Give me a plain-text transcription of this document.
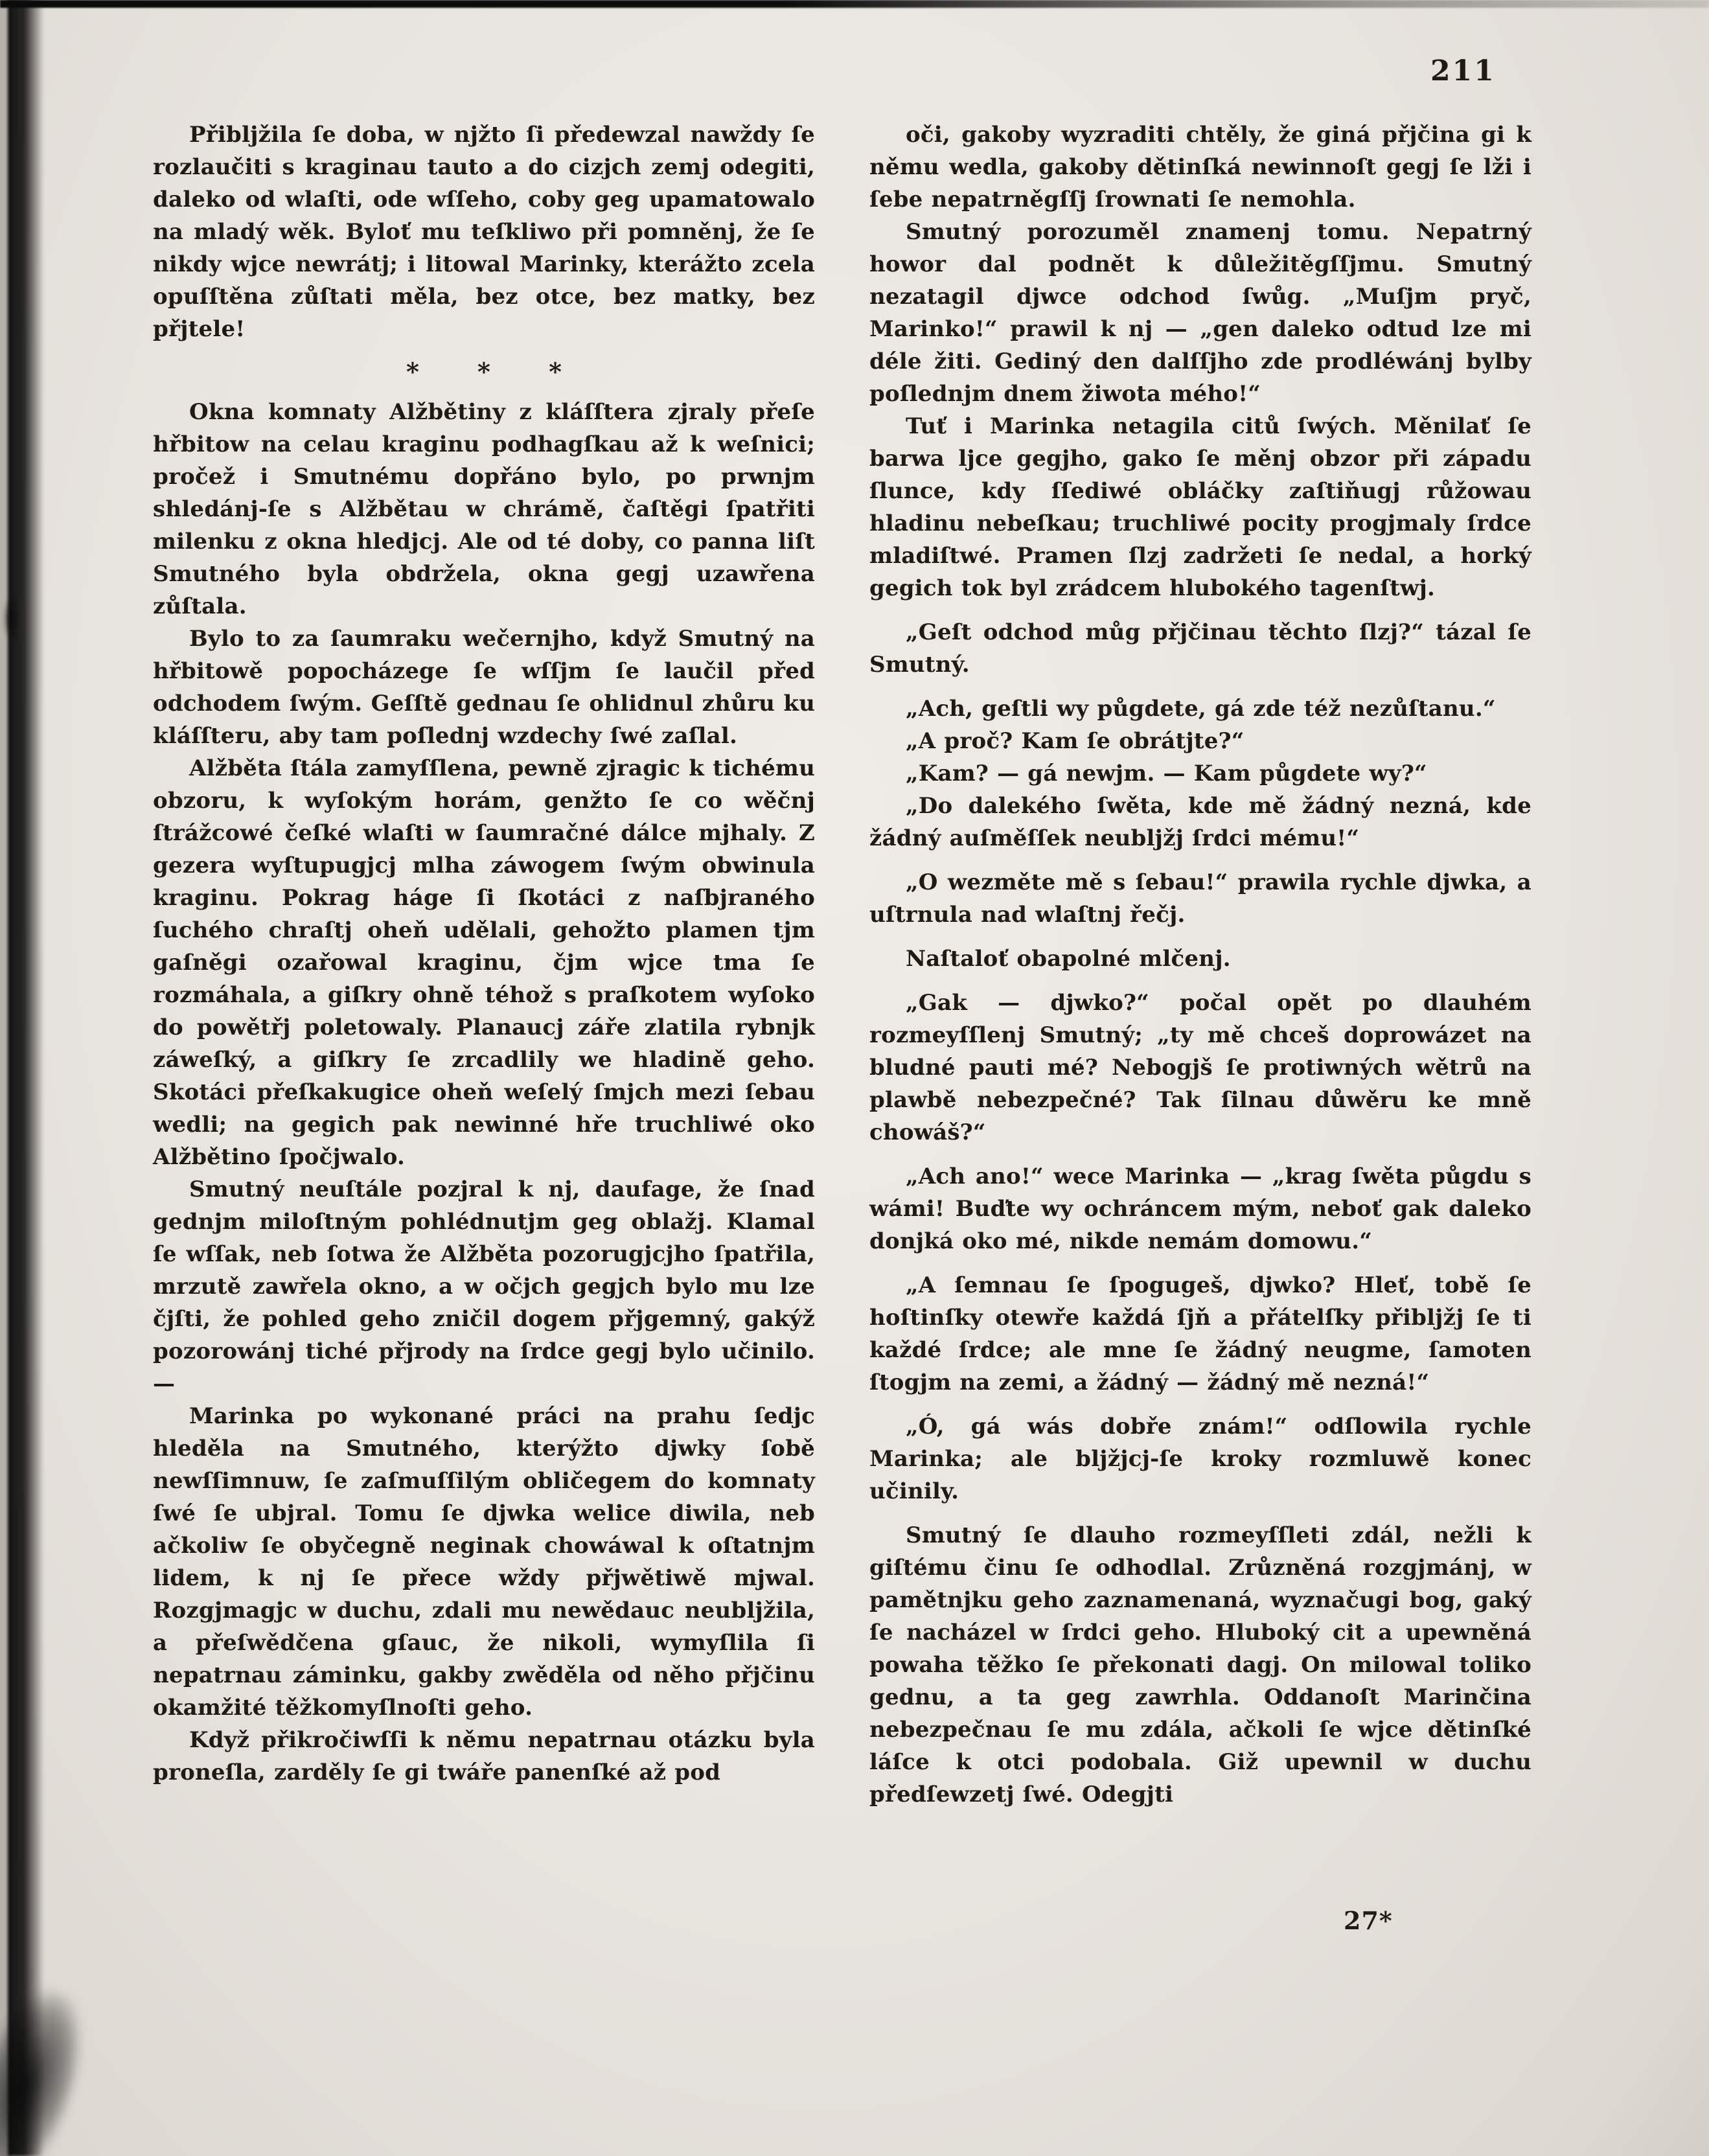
211

Přibljžila ſe doba, w njžto ſi předewzal nawždy ſe rozlaučiti s kraginau tauto a do cizjch zemj odegiti, daleko od wlaſti, ode wſſeho, coby geg upamatowalo na mladý wěk. Byloť mu teſkliwo při pomněnj, že ſe nikdy wjce newrátj; i litowal Marinky, kterážto zcela opuſſtěna zůſtati měla, bez otce, bez matky, bez přjtele!

* * *

Okna komnaty Alžbětiny z kláſſtera zjraly přeſe hřbitow na celau kraginu podhagſkau až k weſnici; pročež i Smutnému dopřáno bylo, po prwnjm shledánj-ſe s Alžbětau w chrámě, čaſtěgi ſpatřiti milenku z okna hledjcj. Ale od té doby, co panna liſt Smutného byla obdržela, okna gegj uzawřena zůſtala.

Bylo to za ſaumraku wečernjho, když Smutný na hřbitowě popocházege ſe wſſjm ſe laučil před odchodem ſwým. Geſſtě gednau ſe ohlidnul zhůru ku kláſſteru, aby tam poſlednj wzdechy ſwé zaſlal.

Alžběta ſtála zamyſſlena, pewně zjragic k tichému obzoru, k wyſokým horám, genžto ſe co wěčnj ſtrážcowé čeſké wlaſti w ſaumračné dálce mjhaly. Z gezera wyſtupugjcj mlha záwogem ſwým obwinula kraginu. Pokrag háge ſi ſkotáci z naſbjraného ſuchého chraſtj oheň udělali, gehožto plamen tjm gaſněgi ozařowal kraginu, čjm wjce tma ſe rozmáhala, a giſkry ohně téhož s praſkotem wyſoko do powětřj poletowaly. Planaucj záře zlatila rybnjk záweſký, a giſkry ſe zrcadlily we hladině geho. Skotáci přeſkakugice oheň weſelý ſmjch mezi ſebau wedli; na gegich pak newinné hře truchliwé oko Alžbětino ſpočjwalo.

Smutný neuſtále pozjral k nj, daufage, že ſnad gednjm miloſtným pohlédnutjm geg oblažj. Klamal ſe wſſak, neb ſotwa že Alžběta pozorugjcjho ſpatřila, mrzutě zawřela okno, a w očjch gegjch bylo mu lze čjſti, že pohled geho zničil dogem přjgemný, gakýž pozorowánj tiché přjrody na ſrdce gegj bylo učinilo. —

Marinka po wykonané práci na prahu ſedjc hleděla na Smutného, kterýžto djwky ſobě newſſimnuw, ſe zaſmuſſilým obličegem do komnaty ſwé ſe ubjral. Tomu ſe djwka welice diwila, neb ačkoliw ſe obyčegně neginak chowáwal k oſtatnjm lidem, k nj ſe přece wždy přjwětiwě mjwal. Rozgjmagjc w duchu, zdali mu newědauc neubljžila, a přeſwědčena gſauc, že nikoli, wymyſlila ſi nepatrnau záminku, gakby zwěděla od něho přjčinu okamžité těžkomyſlnoſti geho.

Když přikročiwſſi k němu nepatrnau otázku byla proneſla, zarděly ſe gi twáře panenſké až pod

oči, gakoby wyzraditi chtěly, že giná přjčina gi k němu wedla, gakoby dětinſká newinnoſt gegj ſe lži i ſebe nepatrněgſſj ſrownati ſe nemohla.

Smutný porozuměl znamenj tomu. Nepatrný howor dal podnět k důležitěgſſjmu. Smutný nezatagil djwce odchod ſwůg. „Muſjm pryč, Marinko!“ prawil k nj — „gen daleko odtud lze mi déle žiti. Gediný den dalſſjho zde prodléwánj bylby poſlednjm dnem žiwota mého!“

Tuť i Marinka netagila citů ſwých. Měnilať ſe barwa ljce gegjho, gako ſe měnj obzor při západu ſlunce, kdy ſſediwé obláčky zaſtiňugj růžowau hladinu nebeſkau; truchliwé pocity progjmaly ſrdce mladiſtwé. Pramen ſlzj zadržeti ſe nedal, a horký gegich tok byl zrádcem hlubokého tagenſtwj.

„Geſt odchod můg přjčinau těchto ſlzj?“ tázal ſe Smutný.

„Ach, geſtli wy půgdete, gá zde též nezůſtanu.“

„A proč? Kam ſe obrátjte?“

„Kam? — gá newjm. — Kam půgdete wy?“

„Do dalekého ſwěta, kde mě žádný nezná, kde žádný auſměſſek neubljžj ſrdci mému!“

„O wezměte mě s ſebau!“ prawila rychle djwka, a uſtrnula nad wlaſtnj řečj.

Naſtaloť obapolné mlčenj.

„Gak — djwko?“ počal opět po dlauhém rozmeyſſlenj Smutný; „ty mě chceš doprowázet na bludné pauti mé? Nebogjš ſe protiwných wětrů na plawbě nebezpečné? Tak ſilnau důwěru ke mně chowáš?“

„Ach ano!“ wece Marinka — „krag ſwěta půgdu s wámi! Buďte wy ochráncem mým, neboť gak daleko donjká oko mé, nikde nemám domowu.“

„A ſemnau ſe ſpogugeš, djwko? Hleť, tobě ſe hoſtinſky otewře každá ſjň a přátelſky přibljžj ſe ti každé ſrdce; ale mne ſe žádný neugme, ſamoten ſtogjm na zemi, a žádný — žádný mě nezná!“

„Ó, gá wás dobře znám!“ odſlowila rychle Marinka; ale bljžjcj-ſe kroky rozmluwě konec učinily.

Smutný ſe dlauho rozmeyſſleti zdál, nežli k giſtému činu ſe odhodlal. Zrůzněná rozgjmánj, w pamětnjku geho zaznamenaná, wyznačugi bog, gaký ſe nacházel w ſrdci geho. Hluboký cit a upewněná powaha těžko ſe překonati dagj. On milowal toliko gednu, a ta geg zawrhla. Oddanoſt Marinčina nebezpečnau ſe mu zdála, ačkoli ſe wjce dětinſké láſce k otci podobala. Giž upewnil w duchu předſewzetj ſwé. Odegjti

27*
